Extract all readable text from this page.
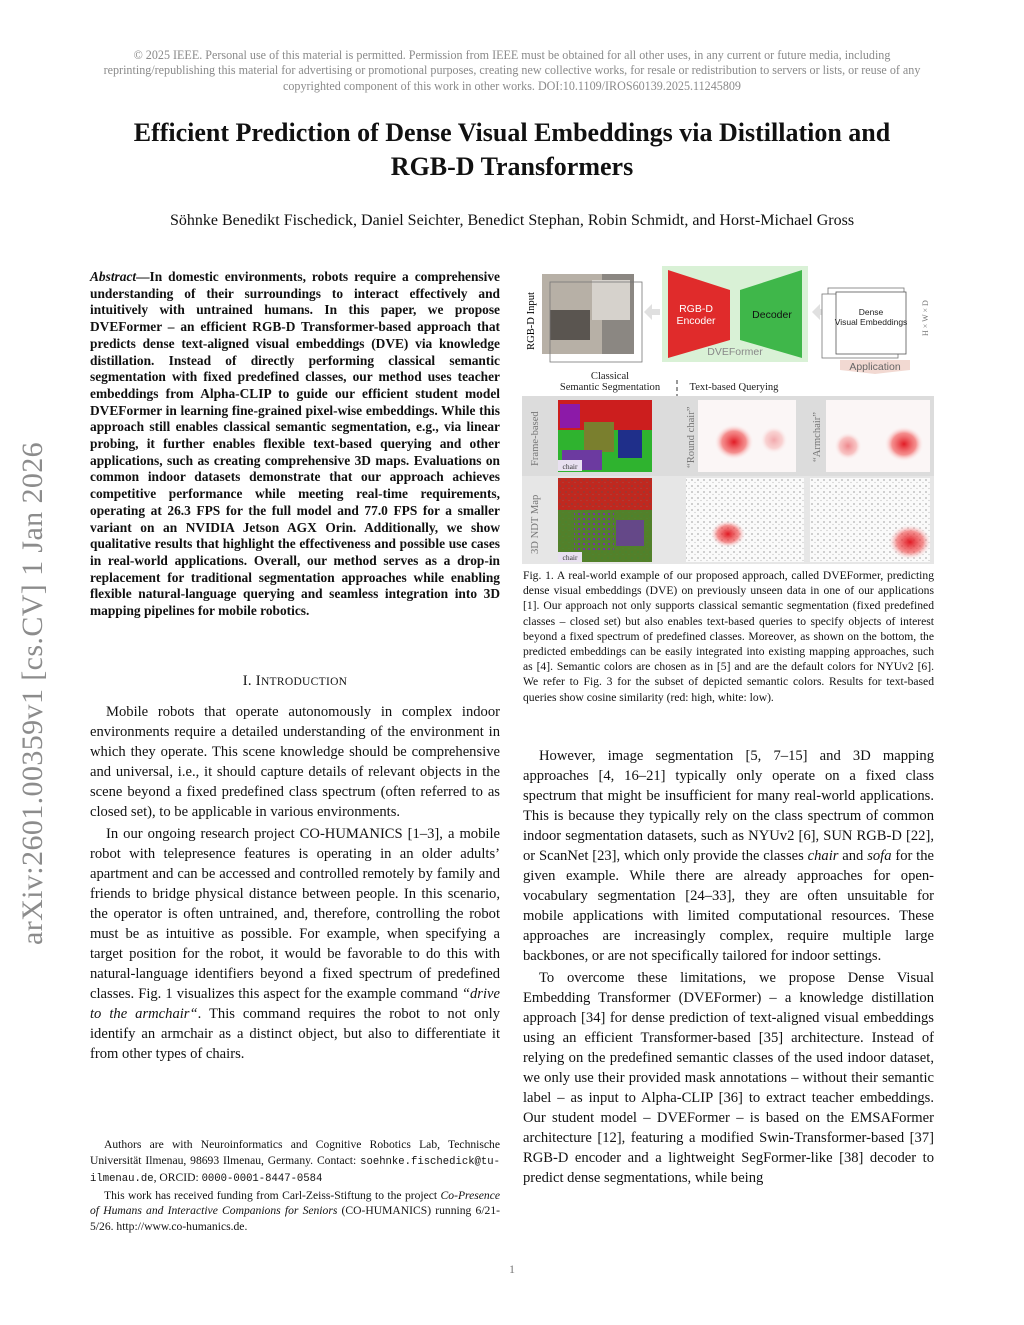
© 2025 IEEE. Personal use of this material is permitted. Permission from IEEE must be obtained for all other uses, in any current or future media, including reprinting/republishing this material for advertising or promotional purposes, creating new collective works, for resale or redistribution to servers or lists, or reuse of any copyrighted component of this work in other works. DOI:10.1109/IROS60139.2025.11245809
Efficient Prediction of Dense Visual Embeddings via Distillation and
RGB-D Transformers
Söhnke Benedikt Fischedick, Daniel Seichter, Benedict Stephan, Robin Schmidt, and Horst-Michael Gross
arXiv:2601.00359v1 [cs.CV] 1 Jan 2026
Abstract—In domestic environments, robots require a comprehensive understanding of their surroundings to interact effectively and intuitively with untrained humans. In this paper, we propose DVEFormer – an efficient RGB-D Transformer-based approach that predicts dense text-aligned visual embeddings (DVE) via knowledge distillation. Instead of directly performing classical semantic segmentation with fixed predefined classes, our method uses teacher embeddings from Alpha-CLIP to guide our efficient student model DVEFormer in learning fine-grained pixel-wise embeddings. While this approach still enables classical semantic segmentation, e.g., via linear probing, it further enables flexible text-based querying and other applications, such as creating comprehensive 3D maps. Evaluations on common indoor datasets demonstrate that our approach achieves competitive performance while meeting real-time requirements, operating at 26.3 FPS for the full model and 77.0 FPS for a smaller variant on an NVIDIA Jetson AGX Orin. Additionally, we show qualitative results that highlight the effectiveness and possible use cases in real-world applications. Overall, our method serves as a drop-in replacement for traditional segmentation approaches while enabling flexible natural-language querying and seamless integration into 3D mapping pipelines for mobile robotics.
I. INTRODUCTION

Mobile robots that operate autonomously in complex indoor environments require a detailed understanding of the environment in which they operate. This scene knowledge should be comprehensive and universal, i.e., it should capture details of relevant objects in the scene beyond a fixed predefined class spectrum (often referred to as closed set), to be applicable in various environments.

In our ongoing research project CO-HUMANICS [1–3], a mobile robot with telepresence features is operating in an older adults’ apartment and can be accessed and controlled remotely by family and friends to bridge physical distance between people. In this scenario, the operator is often untrained, and, therefore, controlling the robot must be as intuitive as possible. For example, when specifying a target position for the robot, it would be favorable to do this with natural-language identifiers beyond a fixed spectrum of predefined classes. Fig. 1 visualizes this aspect for the example command “drive to the armchair“. This command requires the robot to not only identify an armchair as a distinct object, but also to differentiate it from other types of chairs.

Authors are with Neuroinformatics and Cognitive Robotics Lab, Technische Universität Ilmenau, 98693 Ilmenau, Germany. Contact: soehnke.fischedick@tu-ilmenau.de, ORCID: 0000-0001-8447-0584

This work has received funding from Carl-Zeiss-Stiftung to the project Co-Presence of Humans and Interactive Companions for Seniors (CO-HUMANICS) running 6/21-5/26. http://www.co-humanics.de.

RGB-D Input	RGB-D
Encoder	Decoder
DVEFormer
Dense
Visual Embeddings H × W × D
Application
Classical
Semantic Segmentation	Text-based Querying
Frame-based
3D NDT Map
chair	“Round chair”	“Armchair”
chair
Fig. 1. A real-world example of our proposed approach, called DVEFormer, predicting dense visual embeddings (DVE) on previously unseen data in one of our applications [1]. Our approach not only supports classical semantic segmentation (fixed predefined classes – closed set) but also enables text-based queries to specify objects of interest beyond a fixed spectrum of predefined classes. Moreover, as shown on the bottom, the predicted embeddings can be easily integrated into existing mapping approaches, such as [4]. Semantic colors are chosen as in [5] and are the default colors for NYUv2 [6]. We refer to Fig. 3 for the subset of depicted semantic colors. Results for text-based queries show cosine similarity (red: high, white: low).

However, image segmentation [5, 7–15] and 3D mapping approaches [4, 16–21] typically only operate on a fixed class spectrum that might be insufficient for many real-world applications. This is because they typically rely on the class spectrum of common indoor segmentation datasets, such as NYUv2 [6], SUN RGB-D [22], or ScanNet [23], which only provide the classes chair and sofa for the given example. While there are already approaches for open-vocabulary segmentation [24–33], they are often unsuitable for mobile applications with limited computational resources. These approaches are increasingly complex, require multiple large backbones, or are not specifically tailored for indoor settings.

To overcome these limitations, we propose Dense Visual Embedding Transformer (DVEFormer) – a knowledge distillation approach [34] for dense prediction of text-aligned visual embeddings using an efficient Transformer-based [35] architecture. Instead of relying on the predefined semantic classes of the used indoor dataset, we only use their provided mask annotations – without their semantic label – as input to Alpha-CLIP [36] to extract teacher embeddings. Our student model – DVEFormer – is based on the EMSAFormer architecture [12], featuring a modified Swin-Transformer-based [37] RGB-D encoder and a lightweight SegFormer-like [38] decoder to predict dense segmentations, while being

1
